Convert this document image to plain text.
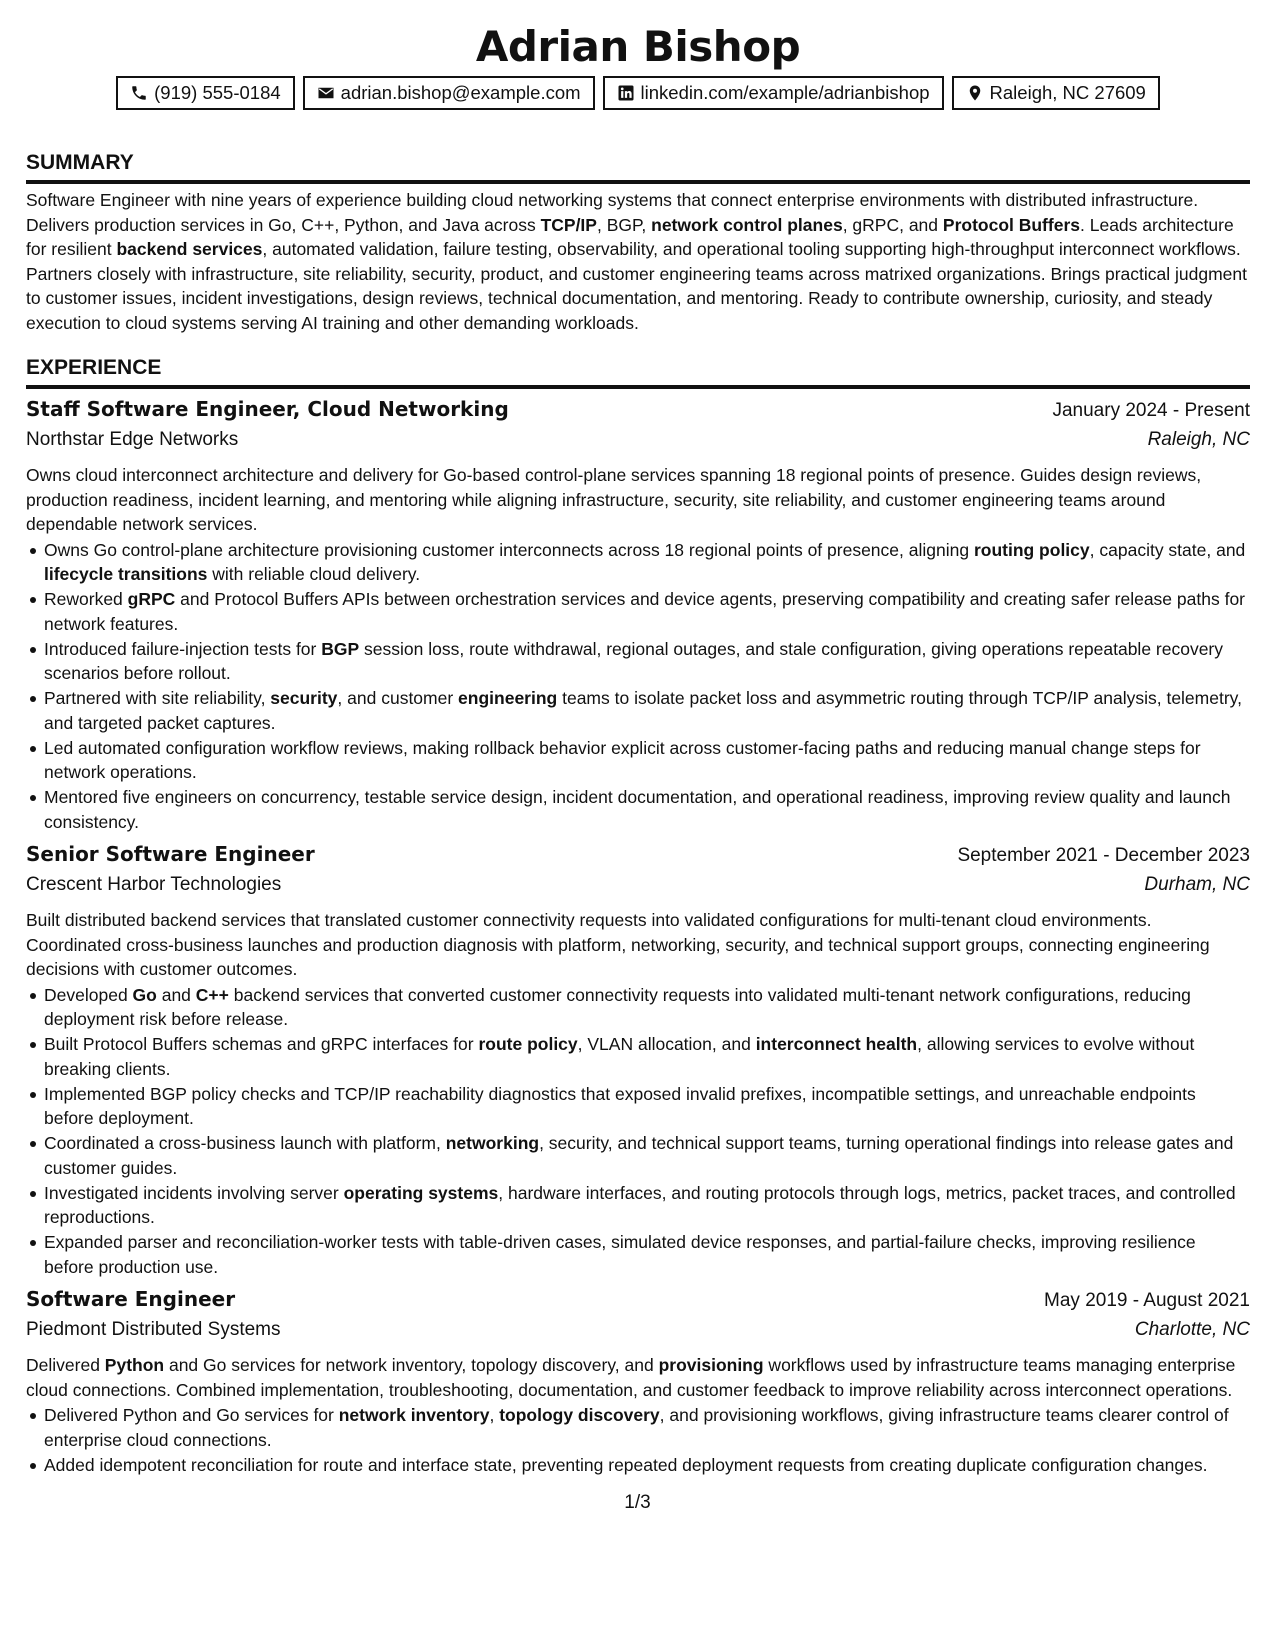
Adrian Bishop
(919) 555-0184	adrian.bishop@example.com	linkedin.com/example/adrianbishop	Raleigh, NC 27609
SUMMARY

Software Engineer with nine years of experience building cloud networking systems that connect enterprise environments with distributed infrastructure. Delivers production services in Go, C++, Python, and Java across TCP/IP, BGP, network control planes, gRPC, and Protocol Buffers. Leads architecture for resilient backend services, automated validation, failure testing, observability, and operational tooling supporting high-throughput interconnect workflows. Partners closely with infrastructure, site reliability, security, product, and customer engineering teams across matrixed organizations. Brings practical judgment to customer issues, incident investigations, design reviews, technical documentation, and mentoring. Ready to contribute ownership, curiosity, and steady execution to cloud systems serving AI training and other demanding workloads.

EXPERIENCE
Staff Software Engineer, Cloud Networking	January 2024 - Present
Northstar Edge Networks	Raleigh, NC

Owns cloud interconnect architecture and delivery for Go-based control-plane services spanning 18 regional points of presence. Guides design reviews, production readiness, incident learning, and mentoring while aligning infrastructure, security, site reliability, and customer engineering teams around dependable network services.

Owns Go control-plane architecture provisioning customer interconnects across 18 regional points of presence, aligning routing policy, capacity state, and lifecycle transitions with reliable cloud delivery.
Reworked gRPC and Protocol Buffers APIs between orchestration services and device agents, preserving compatibility and creating safer release paths for network features.
Introduced failure-injection tests for BGP session loss, route withdrawal, regional outages, and stale configuration, giving operations repeatable recovery scenarios before rollout.
Partnered with site reliability, security, and customer engineering teams to isolate packet loss and asymmetric routing through TCP/IP analysis, telemetry, and targeted packet captures.
Led automated configuration workflow reviews, making rollback behavior explicit across customer-facing paths and reducing manual change steps for network operations.
Mentored five engineers on concurrency, testable service design, incident documentation, and operational readiness, improving review quality and launch consistency.
Senior Software Engineer	September 2021 - December 2023
Crescent Harbor Technologies	Durham, NC

Built distributed backend services that translated customer connectivity requests into validated configurations for multi-tenant cloud environments. Coordinated cross-business launches and production diagnosis with platform, networking, security, and technical support groups, connecting engineering decisions with customer outcomes.

Developed Go and C++ backend services that converted customer connectivity requests into validated multi-tenant network configurations, reducing deployment risk before release.
Built Protocol Buffers schemas and gRPC interfaces for route policy, VLAN allocation, and interconnect health, allowing services to evolve without breaking clients.
Implemented BGP policy checks and TCP/IP reachability diagnostics that exposed invalid prefixes, incompatible settings, and unreachable endpoints before deployment.
Coordinated a cross-business launch with platform, networking, security, and technical support teams, turning operational findings into release gates and customer guides.
Investigated incidents involving server operating systems, hardware interfaces, and routing protocols through logs, metrics, packet traces, and controlled reproductions.
Expanded parser and reconciliation-worker tests with table-driven cases, simulated device responses, and partial-failure checks, improving resilience before production use.
Software Engineer	May 2019 - August 2021
Piedmont Distributed Systems	Charlotte, NC

Delivered Python and Go services for network inventory, topology discovery, and provisioning workflows used by infrastructure teams managing enterprise cloud connections. Combined implementation, troubleshooting, documentation, and customer feedback to improve reliability across interconnect operations.

Delivered Python and Go services for network inventory, topology discovery, and provisioning workflows, giving infrastructure teams clearer control of enterprise cloud connections.
Added idempotent reconciliation for route and interface state, preventing repeated deployment requests from creating duplicate configuration changes.
1/3
